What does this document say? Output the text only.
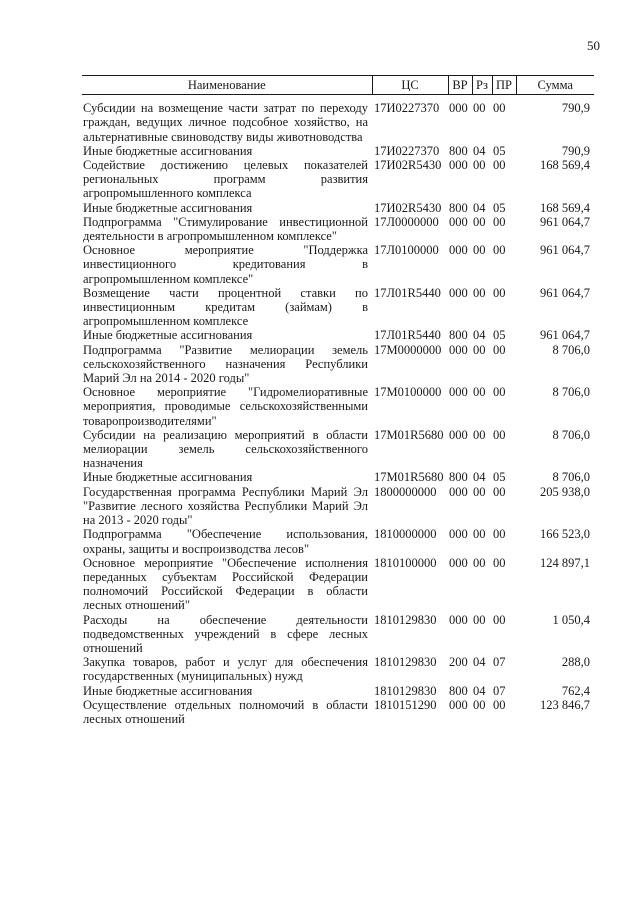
50
Наименование	ЦС	ВР	Рз	ПР	Сумма
Субсидии на возмещение части затрат по переходу граждан, ведущих личное подсобное хозяйство, на альтернативные свиноводству виды животноводства	17И0227370	000	00	00	790,9
Иные бюджетные ассигнования	17И0227370	800	04	05	790,9
Содействие достижению целевых показателей региональных программ развития агропромышленного комплекса	17И02R5430	000	00	00	168 569,4
Иные бюджетные ассигнования	17И02R5430	800	04	05	168 569,4
Подпрограмма "Стимулирование инвестиционной деятельности в агропромышленном комплексе"	17Л0000000	000	00	00	961 064,7
Основное мероприятие "Поддержка инвестиционного кредитования в агропромышленном комплексе"	17Л0100000	000	00	00	961 064,7
Возмещение части процентной ставки по инвестиционным кредитам (займам) в агропромышленном комплексе	17Л01R5440	000	00	00	961 064,7
Иные бюджетные ассигнования	17Л01R5440	800	04	05	961 064,7
Подпрограмма "Развитие мелиорации земель сельскохозяйственного назначения Республики Марий Эл на 2014 - 2020 годы"	17М0000000	000	00	00	8 706,0
Основное мероприятие "Гидромелиоративные мероприятия, проводимые сельскохозяйственными товаропроизводителями"	17М0100000	000	00	00	8 706,0
Субсидии на реализацию мероприятий в области мелиорации земель сельскохозяйственного назначения	17М01R5680	000	00	00	8 706,0
Иные бюджетные ассигнования	17М01R5680	800	04	05	8 706,0
Государственная программа Республики Марий Эл "Развитие лесного хозяйства Республики Марий Эл на 2013 - 2020 годы"	1800000000	000	00	00	205 938,0
Подпрограмма "Обеспечение использования, охраны, защиты и воспроизводства лесов"	1810000000	000	00	00	166 523,0
Основное мероприятие "Обеспечение исполнения переданных субъектам Российской Федерации полномочий Российской Федерации в области лесных отношений"	1810100000	000	00	00	124 897,1
Расходы на обеспечение деятельности подведомственных учреждений в сфере лесных отношений	1810129830	000	00	00	1 050,4
Закупка товаров, работ и услуг для обеспечения государственных (муниципальных) нужд	1810129830	200	04	07	288,0
Иные бюджетные ассигнования	1810129830	800	04	07	762,4
Осуществление отдельных полномочий в области лесных отношений	1810151290	000	00	00	123 846,7
